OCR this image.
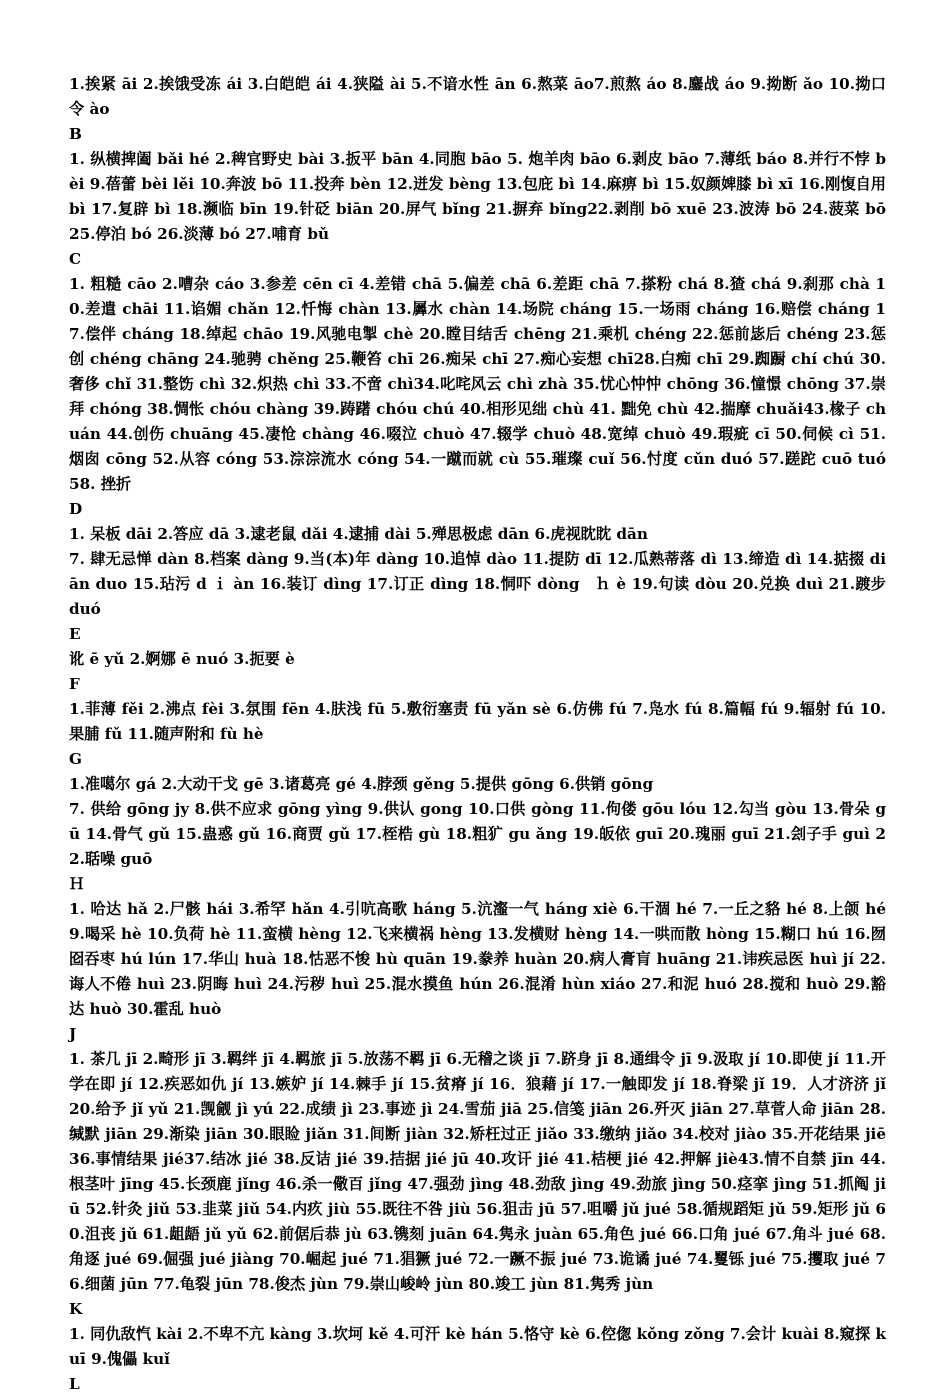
1.挨紧 āi 2.挨饿受冻 ái 3.白皑皑 ái 4.狭隘 ài 5.不谙水性 ān 6.熬菜 āo7.煎熬 áo 8.鏖战 áo 9.拗断 ǎo 10.拗口令 ào
B
1. 纵横捭阖 bǎi hé 2.稗官野史 bài 3.扳平 bān 4.同胞 bāo 5. 炮羊肉 bāo 6.剥皮 bāo 7.薄纸 báo 8.并行不悖 bèi 9.蓓蕾 bèi lěi 10.奔波 bō 11.投奔 bèn 12.迸发 bèng 13.包庇 bì 14.麻痹 bì 15.奴颜婢膝 bì xī 16.刚愎自用 bì 17.复辟 bì 18.濒临 bīn 19.针砭 biān 20.屏气 bǐng 21.摒弃 bǐng22.剥削 bō xuē 23.波涛 bō 24.菠菜 bō 25.停泊 bó 26.淡薄 bó 27.哺育 bǔ
C
1. 粗糙 cāo 2.嘈杂 cáo 3.参差 cēn cī 4.差错 chā 5.偏差 chā 6.差距 chā 7.搽粉 chá 8.猹 chá 9.刹那 chà 10.差遣 chāi 11.谄媚 chǎn 12.忏悔 chàn 13.羼水 chàn 14.场院 cháng 15.一场雨 cháng 16.赔偿 cháng 17.偿伴 cháng 18.绰起 chāo 19.风驰电掣 chè 20.瞠目结舌 chēng 21.乘机 chéng 22.惩前毖后 chéng 23.惩创 chéng chāng 24.驰骋 chěng 25.鞭笞 chī 26.痴呆 chī 27.痴心妄想 chī28.白痴 chī 29.踟蹰 chí chú 30.奢侈 chǐ 31.整饬 chì 32.炽热 chì 33.不啻 chì34.叱咤风云 chì zhà 35.忧心忡忡 chōng 36.憧憬 chōng 37.崇拜 chóng 38.惆怅 chóu chàng 39.踌躇 chóu chú 40.相形见绌 chù 41. 黜免 chù 42.揣摩 chuǎi43.椽子 chuán 44.创伤 chuāng 45.凄怆 chàng 46.啜泣 chuò 47.辍学 chuò 48.宽绰 chuò 49.瑕疵 cī 50.伺候 cì 51.烟囱 cōng 52.从容 cóng 53.淙淙流水 cóng 54.一蹴而就 cù 55.璀璨 cuǐ 56.忖度 cǔn duó 57.蹉跎 cuō tuó 58. 挫折
D
1. 呆板 dāi 2.答应 dā 3.逮老鼠 dǎi 4.逮捕 dài 5.殚思极虑 dān 6.虎视眈眈 dān
7. 肆无忌惮 dàn 8.档案 dàng 9.当(本)年 dàng 10.追悼 dào 11.提防 dī 12.瓜熟蒂落 dì 13.缔造 dì 14.掂掇 diān duo 15.玷污 d ｉ àn 16.装订 dìng 17.订正 dìng 18.恫吓 dòng　ｈ è 19.句读 dòu 20.兑换 duì 21.踱步 duó
E
讹 ē yǔ 2.婀娜 ē nuó 3.扼要 è
F
1.菲薄 fěi 2.沸点 fèi 3.氛围 fēn 4.肤浅 fū 5.敷衍塞责 fū yǎn sè 6.仿佛 fú 7.凫水 fú 8.篇幅 fú 9.辐射 fú 10.果脯 fǔ 11.随声附和 fù hè
G
1.准噶尔 gá 2.大动干戈 gē 3.诸葛亮 gé 4.脖颈 gěng 5.提供 gōng 6.供销 gōng
7. 供给 gōng jy 8.供不应求 gōng yìng 9.供认 gong 10.口供 gòng 11.佝偻 gōu lóu 12.勾当 gòu 13.骨朵 gū 14.骨气 gǔ 15.蛊惑 gǔ 16.商贾 gǔ 17.桎梏 gù 18.粗犷 gu ǎng 19.皈依 guī 20.瑰丽 guī 21.刽子手 guì 22.聒噪 guō
Ｈ
1. 哈达 hǎ 2.尸骸 hái 3.希罕 hǎn 4.引吭高歌 háng 5.沆瀣一气 háng xiè 6.干涸 hé 7.一丘之貉 hé 8.上颌 hé 9.喝采 hè 10.负荷 hè 11.蛮横 hèng 12.飞来横祸 hèng 13.发横财 hèng 14.一哄而散 hòng 15.糊口 hú 16.囫囵吞枣 hú lún 17.华山 huà 18.怙恶不悛 hù quān 19.豢养 huàn 20.病人膏肓 huāng 21.讳疾忌医 huì jí 22.诲人不倦 huì 23.阴晦 huì 24.污秽 huì 25.混水摸鱼 hún 26.混淆 hùn xiáo 27.和泥 huó 28.搅和 huò 29.豁达 huò 30.霍乱 huò
J
1. 茶几 jī 2.畸形 jī 3.羁绊 jī 4.羁旅 jī 5.放荡不羁 jī 6.无稽之谈 jī 7.跻身 jī 8.通缉令 jī 9.汲取 jí 10.即使 jí 11.开学在即 jí 12.疾恶如仇 jí 13.嫉妒 jí 14.棘手 jí 15.贫瘠 jí 16．狼藉 jí 17.一触即发 jí 18.脊梁 jǐ 19．人才济济 jǐ 20.给予 jǐ yǔ 21.觊觎 jì yú 22.成绩 jì 23.事迹 jì 24.雪茄 jiā 25.信笺 jiān 26.歼灭 jiān 27.草菅人命 jiān 28.缄默 jiān 29.渐染 jiān 30.眼睑 jiǎn 31.间断 jiàn 32.矫枉过正 jiǎo 33.缴纳 jiǎo 34.校对 jiào 35.开花结果 jiē 36.事情结果 jié37.结冰 jié 38.反诘 jié 39.拮据 jié jū 40.攻讦 jié 41.桔梗 jié 42.押解 jiè43.情不自禁 jīn 44.根茎叶 jīng 45.长颈鹿 jǐng 46.杀一儆百 jǐng 47.强劲 jìng 48.劲敌 jìng 49.劲旅 jìng 50.痉挛 jìng 51.抓阄 jiū 52.针灸 jiǔ 53.韭菜 jiǔ 54.内疚 jiù 55.既往不咎 jiù 56.狙击 jū 57.咀嚼 jǔ jué 58.循规蹈矩 jǔ 59.矩形 jǔ 60.沮丧 jǔ 61.龃龉 jǔ yǔ 62.前倨后恭 jù 63.镌刻 juān 64.隽永 juàn 65.角色 jué 66.口角 jué 67.角斗 jué 68.角逐 jué 69.倔强 jué jiàng 70.崛起 jué 71.猖獗 jué 72.一蹶不振 jué 73.诡谲 jué 74.矍铄 jué 75.攫取 jué 76.细菌 jūn 77.龟裂 jūn 78.俊杰 jùn 79.崇山峻岭 jùn 80.竣工 jùn 81.隽秀 jùn
K
1. 同仇敌忾 kài 2.不卑不亢 kàng 3.坎坷 kě 4.可汗 kè hán 5.恪守 kè 6.倥偬 kǒng zǒng 7.会计 kuài 8.窥探 kuī 9.傀儡 kuǐ
L
